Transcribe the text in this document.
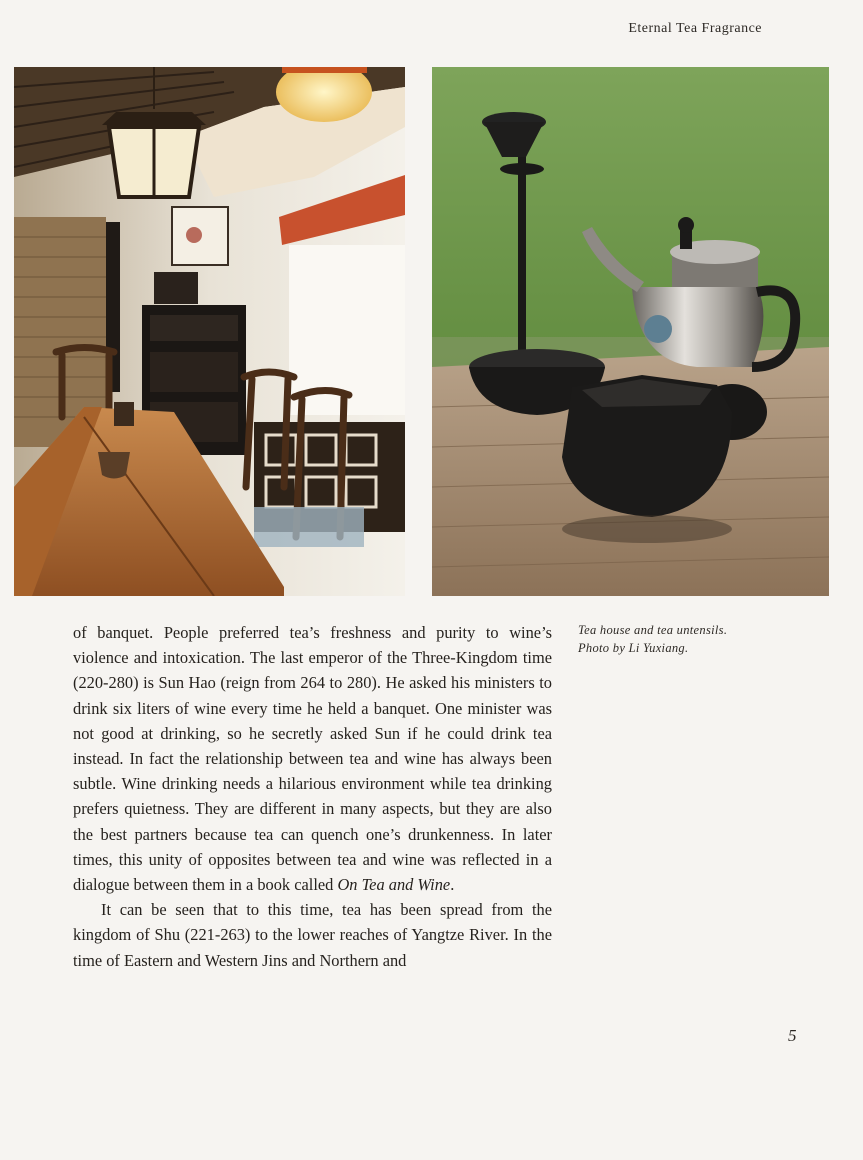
Eternal Tea Fragrance

of banquet. People preferred tea’s freshness and purity to wine’s violence and intoxication. The last emperor of the Three-Kingdom time (220-280) is Sun Hao (reign from 264 to 280). He asked his ministers to drink six liters of wine every time he held a banquet. One minister was not good at drinking, so he secretly asked Sun if he could drink tea instead. In fact the relationship between tea and wine has always been subtle. Wine drinking needs a hilarious environment while tea drinking prefers quietness. They are different in many aspects, but they are also the best partners because tea can quench one’s drunkenness. In later times, this unity of opposites between tea and wine was reflected in a dialogue between them in a book called On Tea and Wine.

It can be seen that to this time, tea has been spread from the kingdom of Shu (221-263) to the lower reaches of Yangtze River. In the time of Eastern and Western Jins and Northern and

Tea house and tea untensils.
Photo by Li Yuxiang.
5
